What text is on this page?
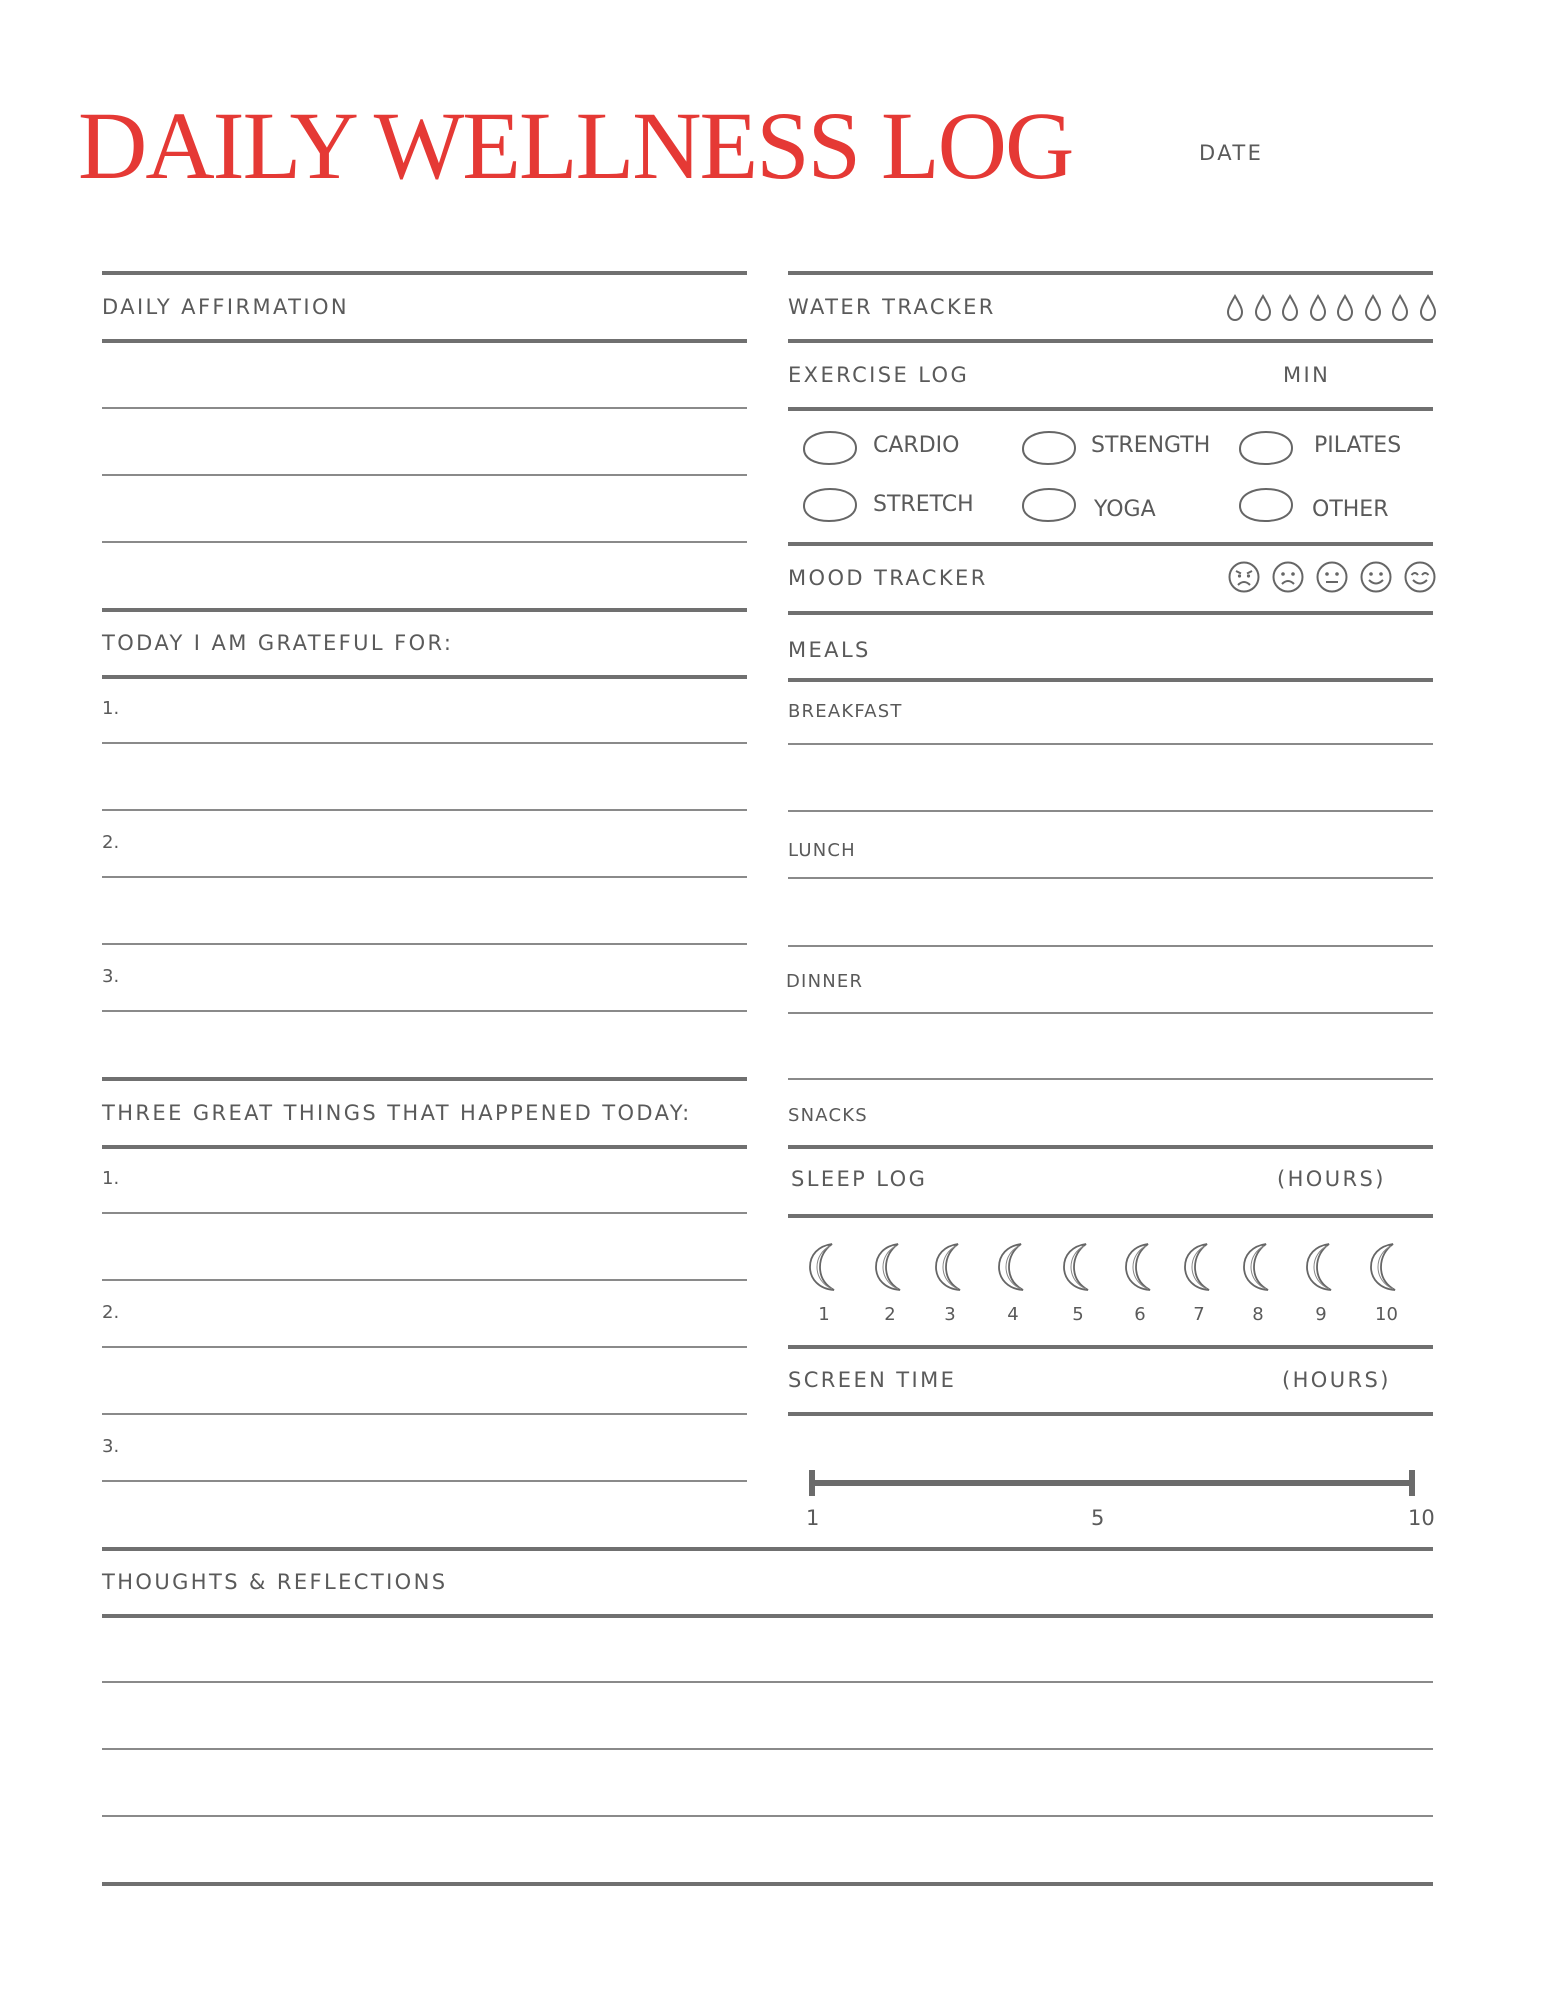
DAILY WELLNESS LOG	DATE
DAILY AFFIRMATION
TODAY I AM GRATEFUL FOR:
1.
2.
3.
THREE GREAT THINGS THAT HAPPENED TODAY:
1.
2.
3.
WATER TRACKER
EXERCISE LOG	MIN
CARDIO	STRENGTH	PILATES
STRETCH	YOGA	OTHER
MOOD TRACKER
MEALS
BREAKFAST
LUNCH
DINNER
SNACKS
SLEEP LOG	(HOURS)
1	2	3	4	5	6	7	8	9	10
SCREEN TIME	(HOURS)
1	5	10
THOUGHTS & REFLECTIONS
